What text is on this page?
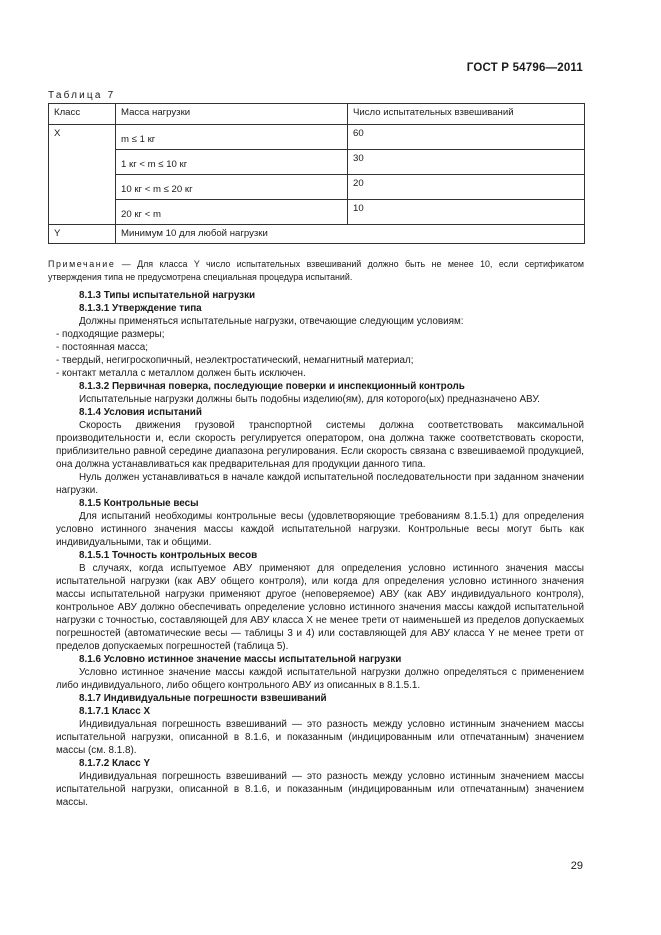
ГОСТ Р 54796—2011
Таблица 7
Класс	Масса нагрузки	Число испытательных взвешиваний
X	m ≤ 1 кг	60
	1 кг < m ≤ 10 кг	30
	10 кг < m ≤ 20 кг	20
	20 кг < m	10
Y	Минимум 10 для любой нагрузки	
Примечание — Для класса Y число испытательных взвешиваний должно быть не менее 10, если сертификатом утверждения типа не предусмотрена специальная процедура испытаний.

8.1.3 Типы испытательной нагрузки

8.1.3.1 Утверждение типа

Должны применяться испытательные нагрузки, отвечающие следующим условиям:

- подходящие размеры;

- постоянная масса;

- твердый, негигроскопичный, неэлектростатический, немагнитный материал;

- контакт металла с металлом должен быть исключен.

8.1.3.2 Первичная поверка, последующие поверки и инспекционный контроль

Испытательные нагрузки должны быть подобны изделию(ям), для которого(ых) предназначено АВУ.

8.1.4 Условия испытаний

Скорость движения грузовой транспортной системы должна соответствовать максимальной производительности и, если скорость регулируется оператором, она должна также соответствовать скорости, приблизительно равной середине диапазона регулирования. Если скорость связана с взвешиваемой продукцией, она должна устанавливаться как предварительная для продукции данного типа.

Нуль должен устанавливаться в начале каждой испытательной последовательности при заданном значении нагрузки.

8.1.5 Контрольные весы

Для испытаний необходимы контрольные весы (удовлетворяющие требованиям 8.1.5.1) для определения условно истинного значения массы каждой испытательной нагрузки. Контрольные весы могут быть как индивидуальными, так и общими.

8.1.5.1 Точность контрольных весов

В случаях, когда испытуемое АВУ применяют для определения условно истинного значения массы испытательной нагрузки (как АВУ общего контроля), или когда для определения условно истинного значения массы испытательной нагрузки применяют другое (неповеряемое) АВУ (как АВУ индивидуального контроля), контрольное АВУ должно обеспечивать определение условно истинного значения массы каждой испытательной нагрузки с точностью, составляющей для АВУ класса X не менее трети от наименьшей из пределов допускаемых погрешностей (автоматические весы — таблицы 3 и 4) или составляющей для АВУ класса Y не менее трети от пределов допускаемых погрешностей (таблица 5).

8.1.6 Условно истинное значение массы испытательной нагрузки

Условно истинное значение массы каждой испытательной нагрузки должно определяться с применением либо индивидуального, либо общего контрольного АВУ из описанных в 8.1.5.1.

8.1.7 Индивидуальные погрешности взвешиваний

8.1.7.1 Класс X

Индивидуальная погрешность взвешиваний — это разность между условно истинным значением массы испытательной нагрузки, описанной в 8.1.6, и показанным (индицированным или отпечатанным) значением массы (см. 8.1.8).

8.1.7.2 Класс Y

Индивидуальная погрешность взвешиваний — это разность между условно истинным значением массы испытательной нагрузки, описанной в 8.1.6, и показанным (индицированным или отпечатанным) значением массы.

29
